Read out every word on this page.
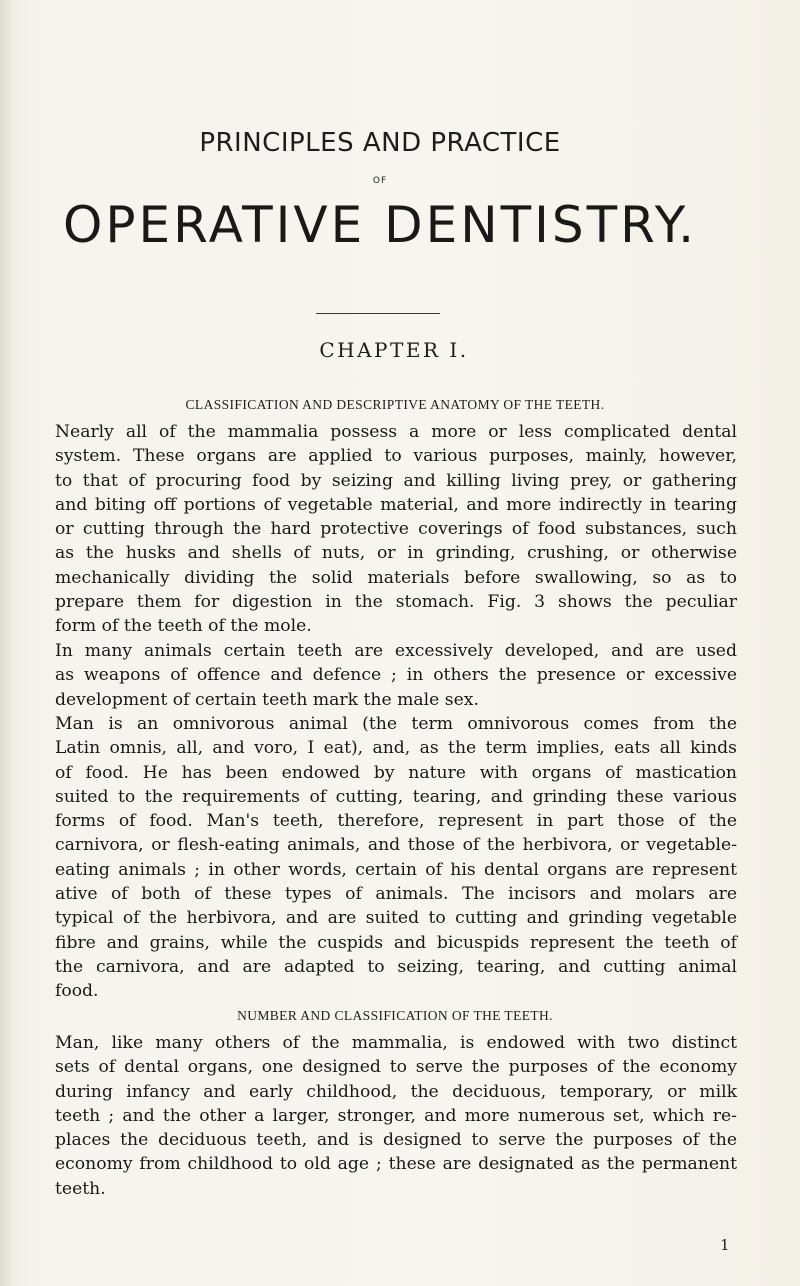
PRINCIPLES AND PRACTICE
OF
OPERATIVE DENTISTRY.
CHAPTER I.
CLASSIFICATION AND DESCRIPTIVE ANATOMY OF THE TEETH.
Nearly all of the mammalia possess a more or less complicated dental
system. These organs are applied to various purposes, mainly, however,
to that of procuring food by seizing and killing living prey, or gathering
and biting off portions of vegetable material, and more indirectly in tearing
or cutting through the hard protective coverings of food substances, such
as the husks and shells of nuts, or in grinding, crushing, or otherwise
mechanically dividing the solid materials before swallowing, so as to
prepare them for digestion in the stomach. Fig. 3 shows the peculiar
form of the teeth of the mole.
In many animals certain teeth are excessively developed, and are used
as weapons of offence and defence ; in others the presence or excessive
development of certain teeth mark the male sex.
Man is an omnivorous animal (the term omnivorous comes from the
Latin omnis, all, and voro, I eat), and, as the term implies, eats all kinds
of food. He has been endowed by nature with organs of mastication
suited to the requirements of cutting, tearing, and grinding these various
forms of food. Man's teeth, therefore, represent in part those of the
carnivora, or flesh-eating animals, and those of the herbivora, or vegetable-
eating animals ; in other words, certain of his dental organs are represent
ative of both of these types of animals. The incisors and molars are
typical of the herbivora, and are suited to cutting and grinding vegetable
fibre and grains, while the cuspids and bicuspids represent the teeth of
the carnivora, and are adapted to seizing, tearing, and cutting animal
food.
NUMBER AND CLASSIFICATION OF THE TEETH.
Man, like many others of the mammalia, is endowed with two distinct
sets of dental organs, one designed to serve the purposes of the economy
during infancy and early childhood, the deciduous, temporary, or milk
teeth ; and the other a larger, stronger, and more numerous set, which re-
places the deciduous teeth, and is designed to serve the purposes of the
economy from childhood to old age ; these are designated as the permanent
teeth.
1
